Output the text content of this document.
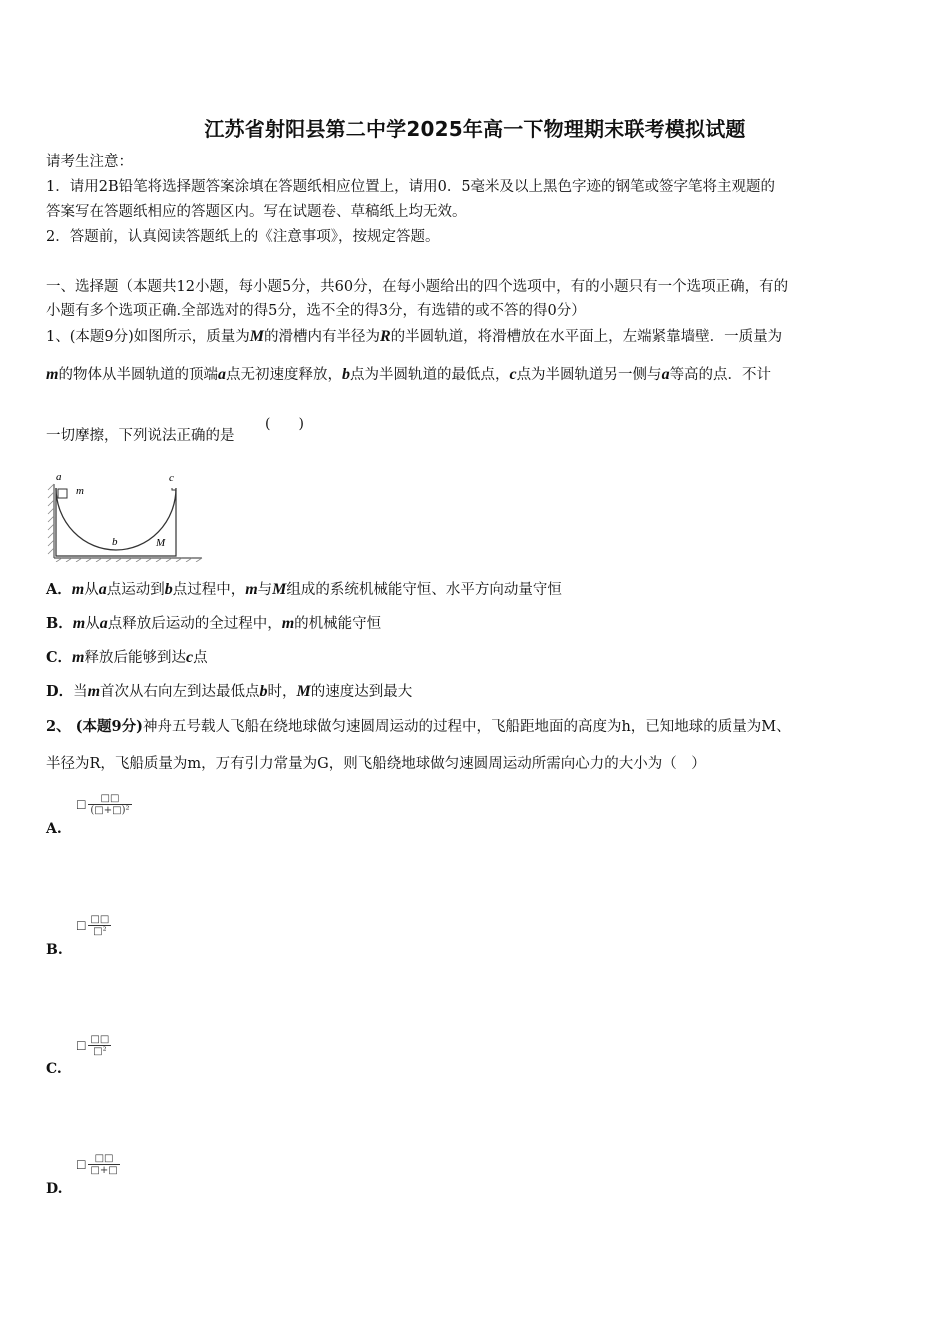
江苏省射阳县第二中学2025年高一下物理期末联考模拟试题
请考生注意：
1．请用2B铅笔将选择题答案涂填在答题纸相应位置上，请用0．5毫米及以上黑色字迹的钢笔或签字笔将主观题的
答案写在答题纸相应的答题区内。写在试题卷、草稿纸上均无效。
2．答题前，认真阅读答题纸上的《注意事项》，按规定答题。
一、选择题（本题共12小题，每小题5分，共60分，在每小题给出的四个选项中，有的小题只有一个选项正确，有的
小题有多个选项正确.全部选对的得5分，选不全的得3分，有选错的或不答的得0分）
1、(本题9分)如图所示，质量为M的滑槽内有半径为R的半圆轨道，将滑槽放在水平面上，左端紧靠墙壁．一质量为
m的物体从半圆轨道的顶端a点无初速度释放，b点为半圆轨道的最低点，c点为半圆轨道另一侧与a等高的点．不计
一切摩擦，下列说法正确的是
(　　)
a
m
c
b	M
A．m从a点运动到b点过程中，m与M组成的系统机械能守恒、水平方向动量守恒
B．m从a点释放后运动的全过程中，m的机械能守恒
C．m释放后能够到达c点
D．当m首次从右向左到达最低点b时，M的速度达到最大
2、 (本题9分)神舟五号载人飞船在绕地球做匀速圆周运动的过程中，飞船距地面的高度为h，已知地球的质量为M、
半径为R，飞船质量为m，万有引力常量为G，则飞船绕地球做匀速圆周运动所需向心力的大小为（　）
□ $\frac{□□}{\text{(□+□)²}}$
A.
□ $\frac{□□}{\text{□²}}$
B.
□ $\frac{□□}{\text{□²}}$
C.
□ $\frac{□□}{□+□}$
D.
